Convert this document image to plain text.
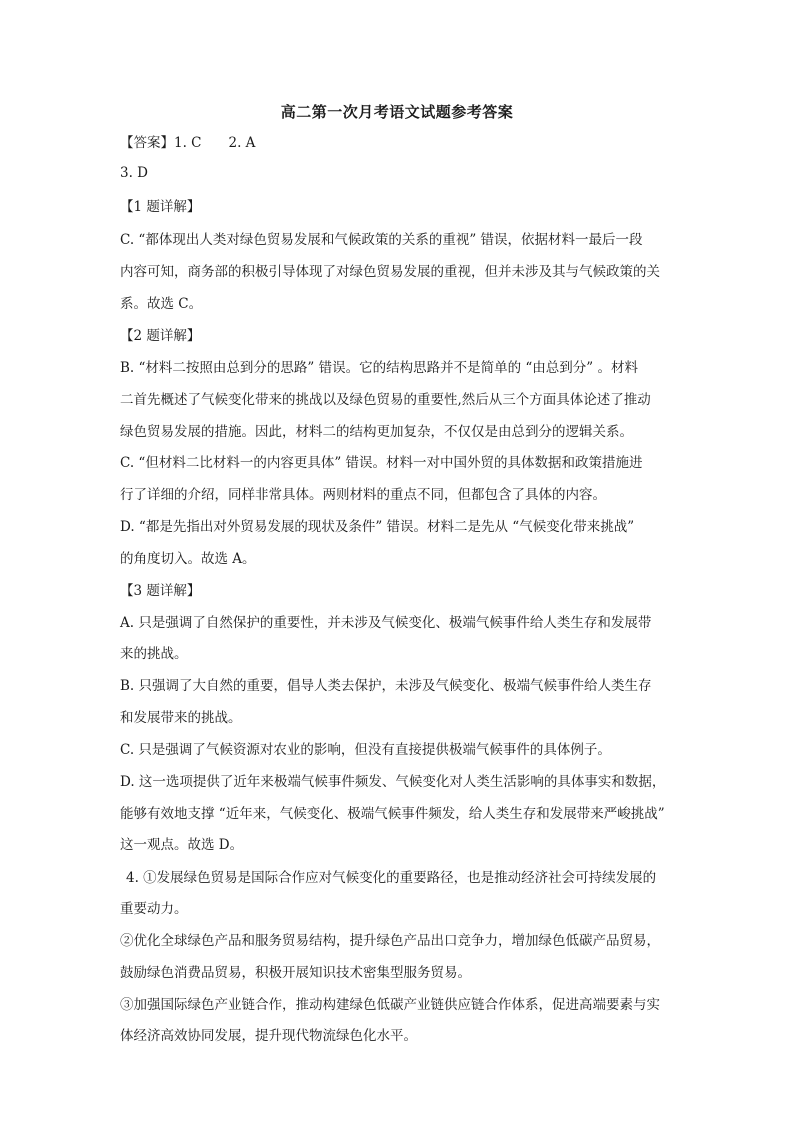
高二第一次月考语文试题参考答案
【答案】1. C　　2. A
3. D
【1 题详解】
C. “都体现出人类对绿色贸易发展和气候政策的关系的重视” 错误，依据材料一最后一段
内容可知，商务部的积极引导体现了对绿色贸易发展的重视，但并未涉及其与气候政策的关
系。故选 C。
【2 题详解】
B. “材料二按照由总到分的思路” 错误。它的结构思路并不是简单的 “由总到分” 。材料
二首先概述了气候变化带来的挑战以及绿色贸易的重要性,然后从三个方面具体论述了推动
绿色贸易发展的措施。因此，材料二的结构更加复杂，不仅仅是由总到分的逻辑关系。
C. “但材料二比材料一的内容更具体” 错误。材料一对中国外贸的具体数据和政策措施进
行了详细的介绍，同样非常具体。两则材料的重点不同，但都包含了具体的内容。
D. “都是先指出对外贸易发展的现状及条件” 错误。材料二是先从 “气候变化带来挑战”
的角度切入。故选 A。
【3 题详解】
A. 只是强调了自然保护的重要性，并未涉及气候变化、极端气候事件给人类生存和发展带
来的挑战。
B. 只强调了大自然的重要，倡导人类去保护，未涉及气候变化、极端气候事件给人类生存
和发展带来的挑战。
C. 只是强调了气候资源对农业的影响，但没有直接提供极端气候事件的具体例子。
D. 这一选项提供了近年来极端气候事件频发、气候变化对人类生活影响的具体事实和数据，
能够有效地支撑 “近年来，气候变化、极端气候事件频发，给人类生存和发展带来严峻挑战”
这一观点。故选 D。
4. ①发展绿色贸易是国际合作应对气候变化的重要路径，也是推动经济社会可持续发展的
重要动力。
②优化全球绿色产品和服务贸易结构，提升绿色产品出口竞争力，增加绿色低碳产品贸易，
鼓励绿色消费品贸易，积极开展知识技术密集型服务贸易。
③加强国际绿色产业链合作，推动构建绿色低碳产业链供应链合作体系，促进高端要素与实
体经济高效协同发展，提升现代物流绿色化水平。
